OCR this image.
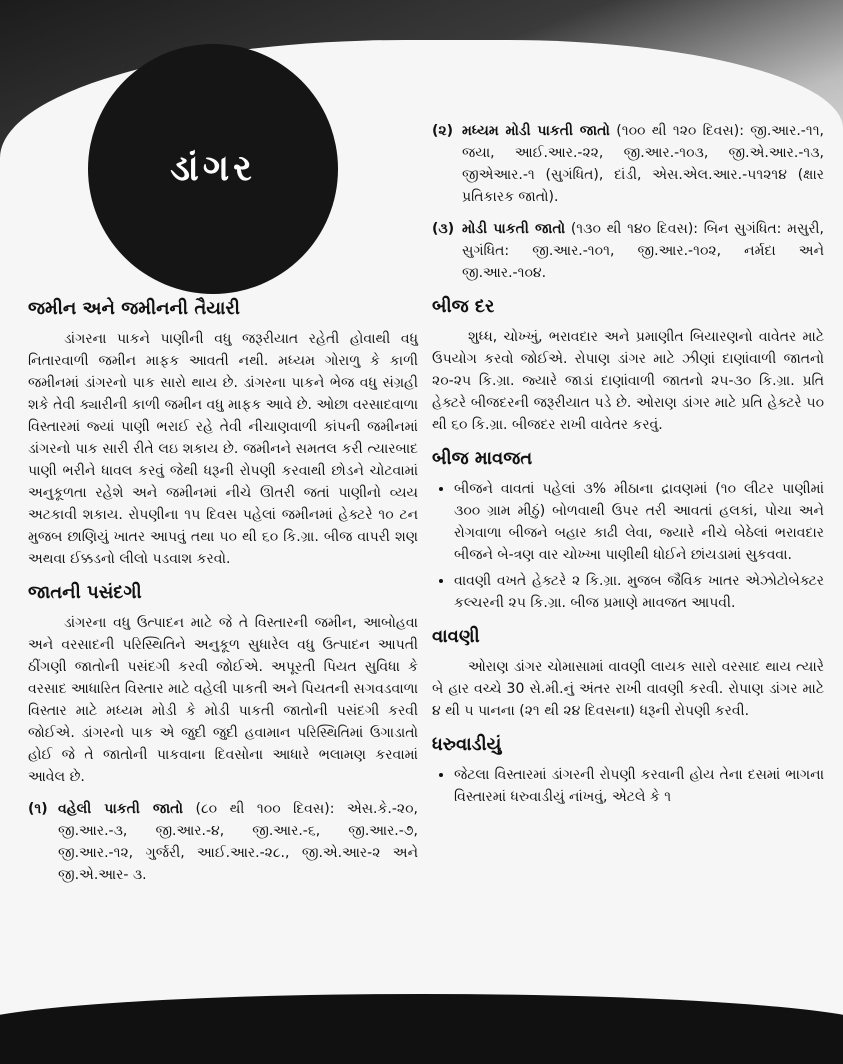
ડાંગર
જમીન અને જમીનની તૈયારી

ડાંગરના પાકને પાણીની વધુ જરૂરીયાત રહેતી હોવાથી વધુ નિતારવાળી જમીન માફક આવતી નથી. મધ્યમ ગોરાળુ કે કાળી જમીનમાં ડાંગરનો પાક સારો થાય છે. ડાંગરના પાકને ભેજ વધુ સંગ્રહી શકે તેવી ક્યારીની કાળી જમીન વધુ માફક આવે છે. ઓછા વરસાદવાળા વિસ્તારમાં જ્યાં પાણી ભરાઈ રહે તેવી નીચાણવાળી કાંપની જમીનમાં ડાંગરનો પાક સારી રીતે લઇ શકાય છે. જમીનને સમતલ કરી ત્યારબાદ પાણી ભરીને ધાવલ કરવું જેથી ધરૂની રોપણી કરવાથી છોડને ચોટવામાં અનુકૂળતા રહેશે અને જમીનમાં નીચે ઊતરી જતાં પાણીનો વ્યય અટકાવી શકાય. રોપણીના ૧૫ દિવસ પહેલાં જમીનમાં હેક્ટરે ૧૦ ટન મુજબ છાણિયું ખાતર આપવું તથા ૫૦ થી ૬૦ કિ.ગ્રા. બીજ વાપરી શણ અથવા ઈક્કડનો લીલો પડવાશ કરવો.

જાતની પસંદગી

ડાંગરના વધુ ઉત્પાદન માટે જે તે વિસ્તારની જમીન, આબોહવા અને વરસાદની પરિસ્થિતિને અનુકૂળ સુધારેલ વધુ ઉત્પાદન આપતી ઠીંગણી જાતોની પસંદગી કરવી જોઈએ. અપૂરતી પિયત સુવિધા કે વરસાદ આધારિત વિસ્તાર માટે વહેલી પાકતી અને પિયતની સગવડવાળા વિસ્તાર માટે મધ્યમ મોડી કે મોડી પાકતી જાતોની પસંદગી કરવી જોઈએ. ડાંગરનો પાક એ જુદી જુદી હવામાન પરિસ્થિતિમાં ઉગાડાતો હોઈ જે તે જાતોની પાકવાના દિવસોના આધારે ભલામણ કરવામાં આવેલ છે.

(૧) વહેલી પાકતી જાતો (૮૦ થી ૧૦૦ દિવસ): એસ.કે.-૨૦, જી.આર.-૩, જી.આર.-૪, જી.આર.-૬, જી.આર.-૭, જી.આર.-૧૨, ગુર્જરી, આઈ.આર.-૨૮., જી.એ.આર-૨ અને જી.એ.આર- ૩.
(૨) મધ્યમ મોડી પાકતી જાતો (૧૦૦ થી ૧૨૦ દિવસ): જી.આર.-૧૧, જયા, આઈ.આર.-૨૨, જી.આર.-૧૦૩, જી.એ.આર.-૧૩, જીએઆર.-૧ (સુગંધિત), દાંડી, એસ.એલ.આર.-૫૧૨૧૪ (ક્ષાર પ્રતિકારક જાતો).
(૩) મોડી પાકતી જાતો (૧૩૦ થી ૧૪૦ દિવસ): બિન સુગંધિત: મસુરી, સુગંધિત: જી.આર.-૧૦૧, જી.આર.-૧૦૨, નર્મદા અને જી.આર.-૧૦૪.
બીજ દર

શુધ્ધ, ચોખ્ખું, ભરાવદાર અને પ્રમાણીત બિયારણનો વાવેતર માટે ઉપયોગ કરવો જોઈએ. રોપાણ ડાંગર માટે ઝીણાં દાણાંવાળી જાતનો ૨૦-૨૫ કિ.ગ્રા. જ્યારે જાડાં દાણાંવાળી જાતનો ૨૫-૩૦ કિ.ગ્રા. પ્રતિ હેક્ટરે બીજદરની જરૂરીયાત પડે છે. ઓરાણ ડાંગર માટે પ્રતિ હેક્ટરે ૫૦ થી ૬૦ કિ.ગ્રા. બીજદર રાખી વાવેતર કરવું.

બીજ માવજત
• બીજને વાવતાં પહેલાં ૩% મીઠાના દ્રાવણમાં (૧૦ લીટર પાણીમાં ૩૦૦ ગ્રામ મીઠું) બોળવાથી ઉપર તરી આવતાં હલકાં, પોચા અને રોગવાળા બીજને બહાર કાઢી લેવા, જ્યારે નીચે બેઠેલાં ભરાવદાર બીજને બે-ત્રણ વાર ચોખ્ખા પાણીથી ધોઈને છાંયડામાં સુકવવા.
• વાવણી વખતે હેક્ટરે ૨ કિ.ગ્રા. મુજબ જૈવિક ખાતર એઝોટોબેક્ટર કલ્ચરની ૨૫ કિ.ગ્રા. બીજ પ્રમાણે માવજત આપવી.
વાવણી

ઓરાણ ડાંગર ચોમાસામાં વાવણી લાયક સારો વરસાદ થાય ત્યારે બે હાર વચ્ચે 30 સે.મી.નું અંતર રાખી વાવણી કરવી. રોપાણ ડાંગર માટે ૪ થી ૫ પાનના (૨૧ થી ૨૪ દિવસના) ધરૂની રોપણી કરવી.

ધરુવાડીયું
• જેટલા વિસ્તારમાં ડાંગરની રોપણી કરવાની હોય તેના દસમાં ભાગના વિસ્તારમાં ધરુવાડીયું નાંખવું, એટલે કે ૧
